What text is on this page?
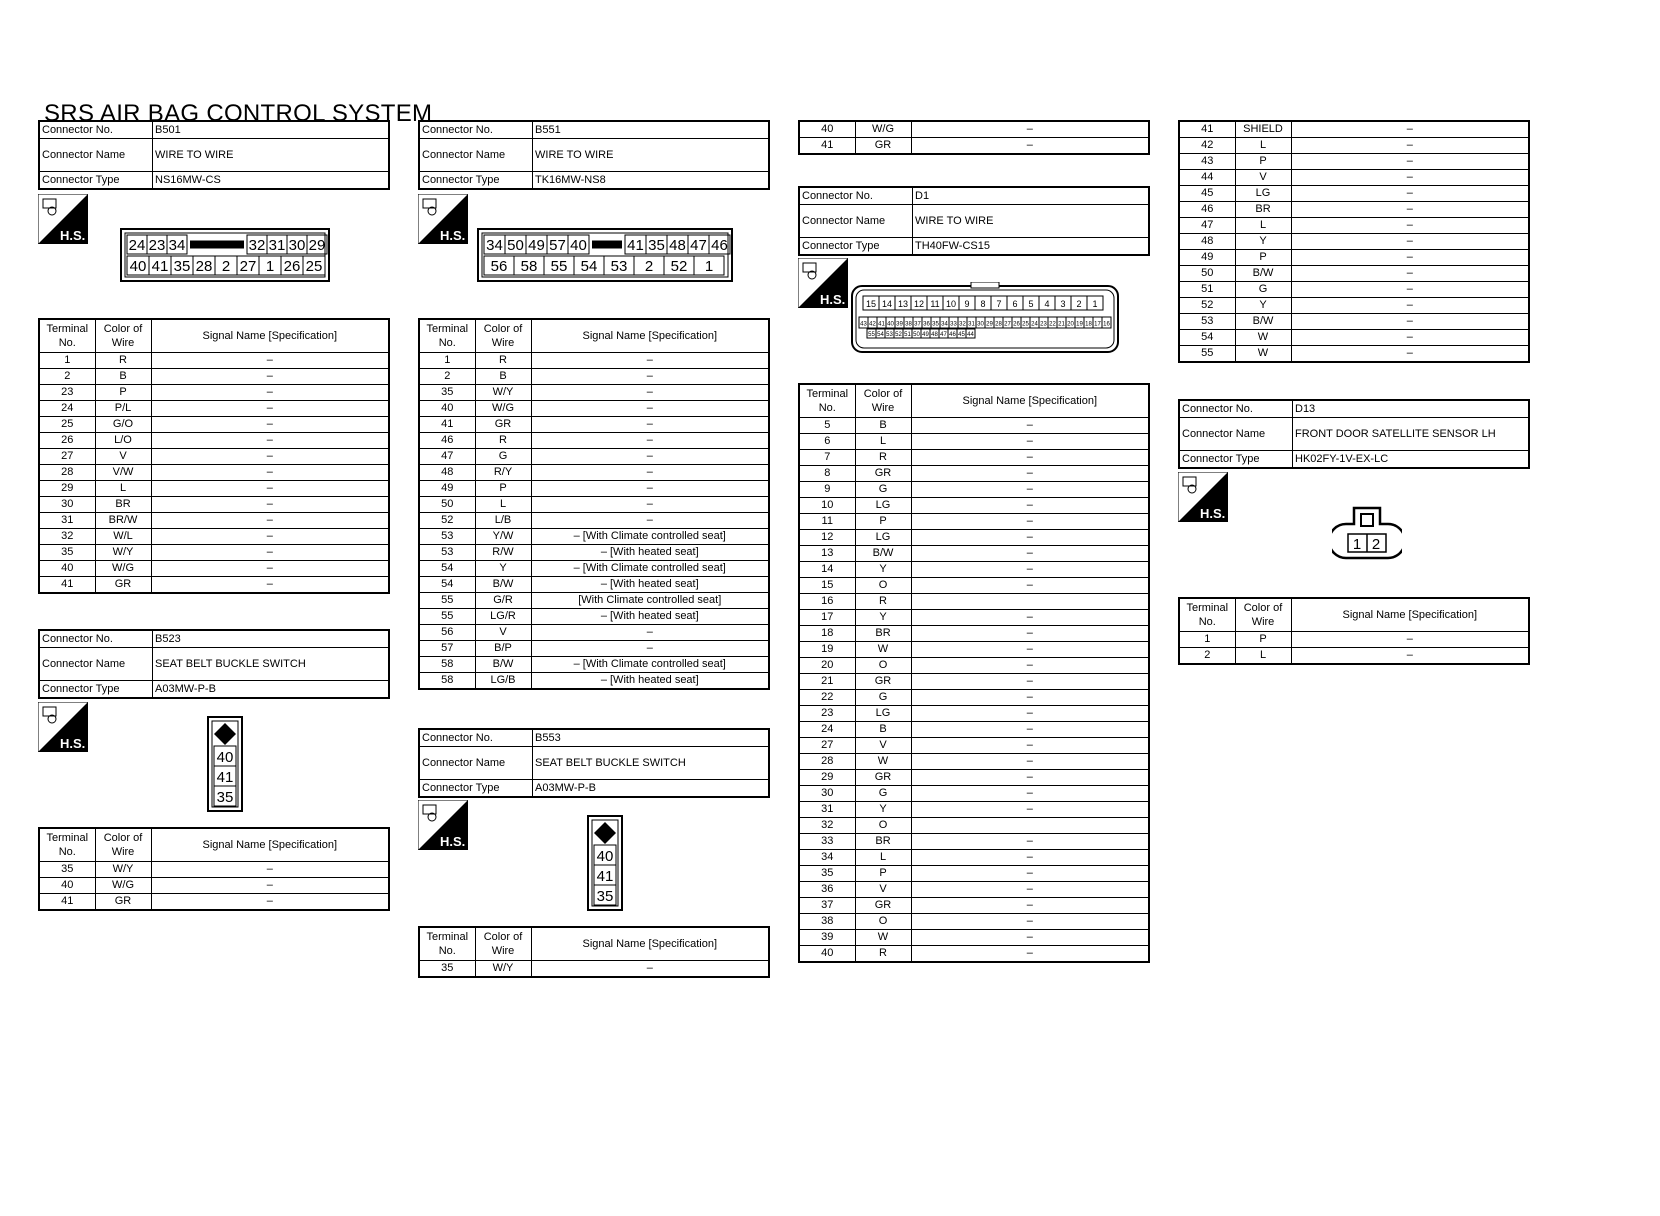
SRS AIR BAG CONTROL SYSTEM
Connector No.	B501
Connector Name	WIRE TO WIRE
Connector Type	NS16MW-CS
H.S.
24 23 34	32 31 30 29
40 41 35 28 2 27 1 26 25
Terminal
No.	Color of
Wire	Signal Name [Specification]
1	R	–
2	B	–
23	P	–
24	P/L	–
25	G/O	–
26	L/O	–
27	V	–
28	V/W	–
29	L	–
30	BR	–
31	BR/W	–
32	W/L	–
35	W/Y	–
40	W/G	–
41	GR	–
Connector No.	B523
Connector Name	SEAT BELT BUCKLE SWITCH
Connector Type	A03MW-P-B
H.S.
40
41
35
Terminal
No.	Color of
Wire	Signal Name [Specification]
35	W/Y	–
40	W/G	–
41	GR	–
Connector No.	B551
Connector Name	WIRE TO WIRE
Connector Type	TK16MW-NS8
H.S.
34 50 49 57 40	41 35 48 47 46
56 58 55 54 53 2 52 1
Terminal
No.	Color of
Wire	Signal Name [Specification]
1	R	–
2	B	–
35	W/Y	–
40	W/G	–
41	GR	–
46	R	–
47	G	–
48	R/Y	–
49	P	–
50	L	–
52	L/B	–
53	Y/W	– [With Climate controlled seat]
53	R/W	– [With heated seat]
54	Y	– [With Climate controlled seat]
54	B/W	– [With heated seat]
55	G/R	[With Climate controlled seat]
55	LG/R	– [With heated seat]
56	V	–
57	B/P	–
58	B/W	– [With Climate controlled seat]
58	LG/B	– [With heated seat]
Connector No.	B553
Connector Name	SEAT BELT BUCKLE SWITCH
Connector Type	A03MW-P-B
H.S.
40
41
35
Terminal
No.	Color of
Wire	Signal Name [Specification]
35	W/Y	–
40	W/G	–
41	GR	–
Connector No.	D1
Connector Name	WIRE TO WIRE
Connector Type	TH40FW-CS15
H.S. 15 14 13 12 11 10 9 8 7 6 5 4 3 2 1
43 42 41 40 39 38 37 36 35 34 33 32 31 30 29 28 27 26 25 24 23 22 21 20 19 18 17 16
55 54 53 52 51 50 49 48 47 46 45 44
Terminal
No.	Color of
Wire	Signal Name [Specification]
5	B	–
6	L	–
7	R	–
8	GR	–
9	G	–
10	LG	–
11	P	–
12	LG	–
13	B/W	–
14	Y	–
15	O	–
16	R	
17	Y	–
18	BR	–
19	W	–
20	O	–
21	GR	–
22	G	–
23	LG	–
24	B	–
27	V	–
28	W	–
29	GR	–
30	G	–
31	Y	–
32	O	
33	BR	–
34	L	–
35	P	–
36	V	–
37	GR	–
38	O	–
39	W	–
40	R	–
41	SHIELD	–
42	L	–
43	P	–
44	V	–
45	LG	–
46	BR	–
47	L	–
48	Y	–
49	P	–
50	B/W	–
51	G	–
52	Y	–
53	B/W	–
54	W	–
55	W	–
Connector No.	D13
Connector Name	FRONT DOOR SATELLITE SENSOR LH
Connector Type	HK02FY-1V-EX-LC
H.S.
1 2
Terminal
No.	Color of
Wire	Signal Name [Specification]
1	P	–
2	L	–
